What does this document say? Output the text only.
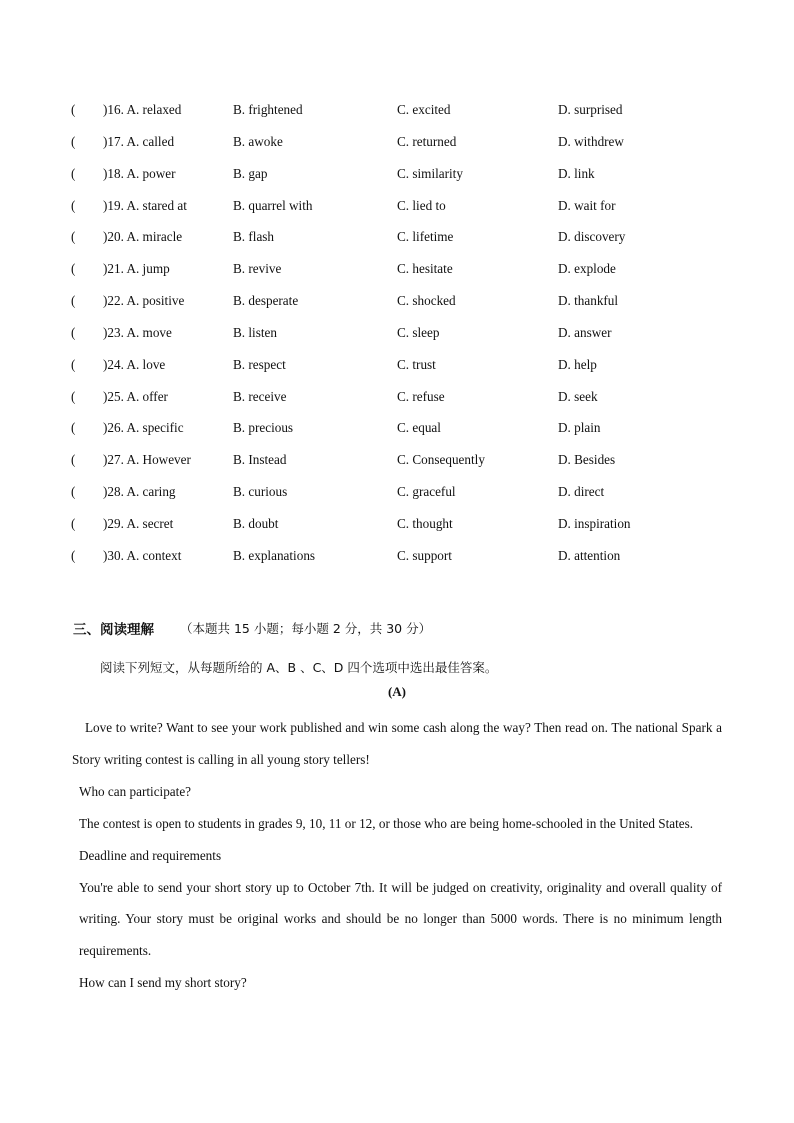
( )16. A. relaxed	B. frightened	C. excited	D. surprised
( )17. A. called	B. awoke	C. returned	D. withdrew
( )18. A. power	B. gap	C. similarity	D. link
( )19. A. stared at	B. quarrel with	C. lied to	D. wait for
( )20. A. miracle	B. flash	C. lifetime	D. discovery
( )21. A. jump	B. revive	C. hesitate	D. explode
( )22. A. positive	B. desperate	C. shocked	D. thankful
( )23. A. move	B. listen	C. sleep	D. answer
( )24. A. love	B. respect	C. trust	D. help
( )25. A. offer	B. receive	C. refuse	D. seek
( )26. A. specific	B. precious	C. equal	D. plain
( )27. A. However	B. Instead	C. Consequently	D. Besides
( )28. A. caring	B. curious	C. graceful	D. direct
( )29. A. secret	B. doubt	C. thought	D. inspiration
( )30. A. context	B. explanations	C. support	D. attention
三、阅读理解 （本题共 15 小题；每小题 2 分，共 30 分）
阅读下列短文，从每题所给的 A、B 、C、D 四个选项中选出最佳答案。
(A)

Love to write? Want to see your work published and win some cash along the way? Then read on. The national Spark a Story writing contest is calling in all young story tellers!

Who can participate?

The contest is open to students in grades 9, 10, 11 or 12, or those who are being home-schooled in the United States.

Deadline and requirements

You're able to send your short story up to October 7th. It will be judged on creativity, originality and overall quality of writing. Your story must be original works and should be no longer than 5000 words. There is no minimum length requirements.

How can I send my short story?
